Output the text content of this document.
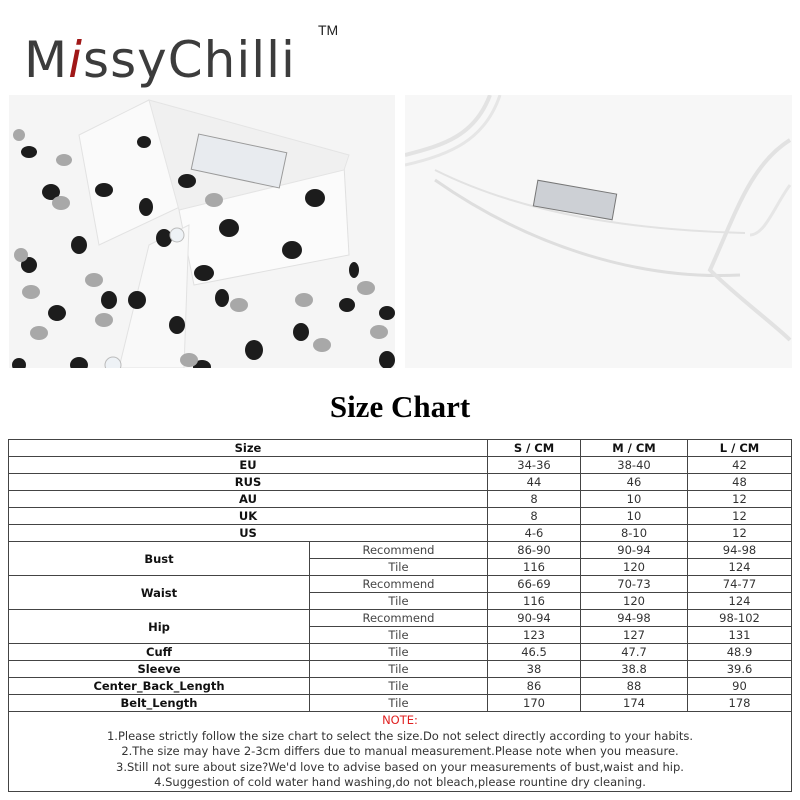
MissyChilli
TM
Size Chart
Size		S / CM	M / CM	L / CM
EU		34-36	38-40	42
RUS		44	46	48
AU		8	10	12
UK		8	10	12
US		4-6	8-10	12
Bust	Recommend	86-90	90-94	94-98
	Tile	116	120	124
Waist	Recommend	66-69	70-73	74-77
	Tile	116	120	124
Hip	Recommend	90-94	94-98	98-102
	Tile	123	127	131
Cuff	Tile	46.5	47.7	48.9
Sleeve	Tile	38	38.8	39.6
Center_Back_Length	Tile	86	88	90
Belt_Length	Tile	170	174	178

NOTE:
1.Please strictly follow the size chart to select the size.Do not select directly according to your habits.
2.The size may have 2-3cm differs due to manual measurement.Please note when you measure.
3.Still not sure about size?We'd love to advise based on your measurements of bust,waist and hip.
4.Suggestion of cold water hand washing,do not bleach,please rountine dry cleaning.				
